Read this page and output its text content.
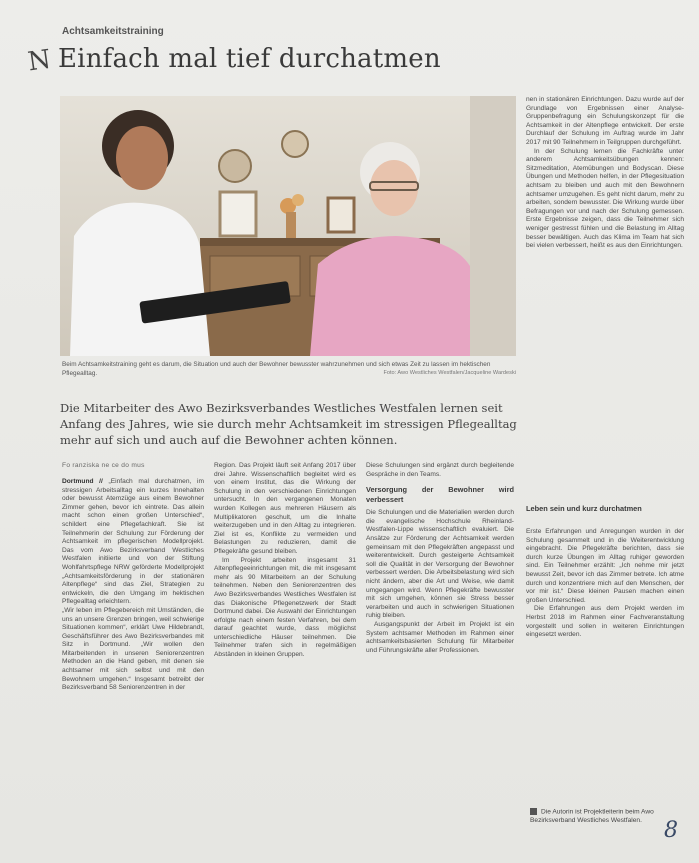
Achtsamkeitstraining
N Einfach mal tief durchatmen
Beim Achtsamkeitstraining geht es darum, die Situation und auch der Bewohner bewusster wahrzunehmen und sich etwas Zeit zu lassen im hektischen Pflegealltag.	Foto: Awo Westliches Westfalen/Jacqueline Wardeski
Die Mitarbeiter des Awo Bezirksverbandes Westliches Westfalen lernen seit Anfang des Jahres, wie sie durch mehr Achtsamkeit im stressigen Pflegealltag mehr auf sich und auch auf die Bewohner achten können.
Fo ranziska ne ce do mus

Dortmund // „Einfach mal durchatmen, im stressigen Arbeitsalltag ein kurzes Innehalten oder bewusst Atemzüge aus einem Bewohner Zimmer gehen, bevor ich eintrete. Das allein macht schon einen großen Unterschied“, schildert eine Pflegefachkraft. Sie ist Teilnehmerin der Schulung zur Förderung der Achtsamkeit im pflegerischen Modellprojekt. Das vom Awo Bezirksverband Westliches Westfalen initiierte und von der Stiftung Wohlfahrtspflege NRW geförderte Modellprojekt „Achtsamkeitsförderung in der stationären Altenpflege“ sind das Ziel, Strategien zu entwickeln, die den Umgang im hektischen Pflegealltag erleichtern.

„Wir leben im Pflegebereich mit Umständen, die uns an unsere Grenzen bringen, weil schwierige Situationen kommen“, erklärt Uwe Hildebrandt, Geschäftsführer des Awo Bezirksverbandes mit Sitz in Dortmund. „Wir wollen den Mitarbeitenden in unseren Seniorenzentren Methoden an die Hand geben, mit denen sie achtsamer mit sich selbst und mit den Bewohnern umgehen.“ Insgesamt betreibt der Bezirksverband 58 Seniorenzentren in der

Region. Das Projekt läuft seit Anfang 2017 über drei Jahre. Wissenschaftlich begleitet wird es von einem Institut, das die Wirkung der Schulung in den verschiedenen Einrichtungen untersucht. In den vergangenen Monaten wurden Kollegen aus mehreren Häusern als Multiplikatoren geschult, um die Inhalte weiterzugeben und in den Alltag zu integrieren. Ziel ist es, Konflikte zu vermeiden und Belastungen zu reduzieren, damit die Pflegekräfte gesund bleiben.

Im Projekt arbeiten insgesamt 31 Altenpflegeeinrichtungen mit, die mit insgesamt mehr als 90 Mitarbeitern an der Schulung teilnehmen. Neben den Seniorenzentren des Awo Bezirksverbandes Westliches Westfalen ist das Diakonische Pflegenetzwerk der Stadt Dortmund dabei. Die Auswahl der Einrichtungen erfolgte nach einem festen Verfahren, bei dem darauf geachtet wurde, dass möglichst unterschiedliche Häuser teilnehmen. Die Teilnehmer trafen sich in regelmäßigen Abständen in kleinen Gruppen.

Diese Schulungen sind ergänzt durch begleitende Gespräche in den Teams.

Versorgung der Bewohner wird verbessert

Die Schulungen und die Materialien werden durch die evangelische Hochschule Rheinland-Westfalen-Lippe wissenschaftlich evaluiert. Die Ansätze zur Förderung der Achtsamkeit werden gemeinsam mit den Pflegekräften angepasst und weiterentwickelt. Durch gesteigerte Achtsamkeit soll die Qualität in der Versorgung der Bewohner verbessert werden. Die Arbeitsbelastung wird sich nicht ändern, aber die Art und Weise, wie damit umgegangen wird. Wenn Pflegekräfte bewusster mit sich umgehen, können sie Stress besser verarbeiten und auch in schwierigen Situationen ruhig bleiben.

Ausgangspunkt der Arbeit im Projekt ist ein System achtsamer Methoden im Rahmen einer achtsamkeitsbasierten Schulung für Mitarbeiter und Führungskräfte aller Professionen.

nen in stationären Einrichtungen. Dazu wurde auf der Grundlage von Ergebnissen einer Analyse-Gruppenbefragung ein Schulungskonzept für die Achtsamkeit in der Altenpflege entwickelt. Der erste Durchlauf der Schulung im Auftrag wurde im Jahr 2017 mit 90 Teilnehmern in Teilgruppen durchgeführt.

In der Schulung lernen die Fachkräfte unter anderem Achtsamkeitsübungen kennen: Sitzmeditation, Atemübungen und Bodyscan. Diese Übungen und Methoden helfen, in der Pflegesituation achtsam zu bleiben und auch mit den Bewohnern achtsamer umzugehen. Es geht nicht darum, mehr zu arbeiten, sondern bewusster. Die Wirkung wurde über Befragungen vor und nach der Schulung gemessen. Erste Ergebnisse zeigen, dass die Teilnehmer sich weniger gestresst fühlen und die Belastung im Alltag besser bewältigen. Auch das Klima im Team hat sich bei vielen verbessert, heißt es aus den Einrichtungen.

Leben sein und kurz durchatmen

Erste Erfahrungen und Anregungen wurden in der Schulung gesammelt und in die Weiterentwicklung eingebracht. Die Pflegekräfte berichten, dass sie durch kurze Übungen im Alltag ruhiger geworden sind. Ein Teilnehmer erzählt: „Ich nehme mir jetzt bewusst Zeit, bevor ich das Zimmer betrete. Ich atme durch und konzentriere mich auf den Menschen, der vor mir ist.“ Diese kleinen Pausen machen einen großen Unterschied.

Die Erfahrungen aus dem Projekt werden im Herbst 2018 im Rahmen einer Fachveranstaltung vorgestellt und sollen in weiteren Einrichtungen eingesetzt werden.

Die Autorin ist Projektleiterin beim Awo Bezirksverband Westliches Westfalen.	8
